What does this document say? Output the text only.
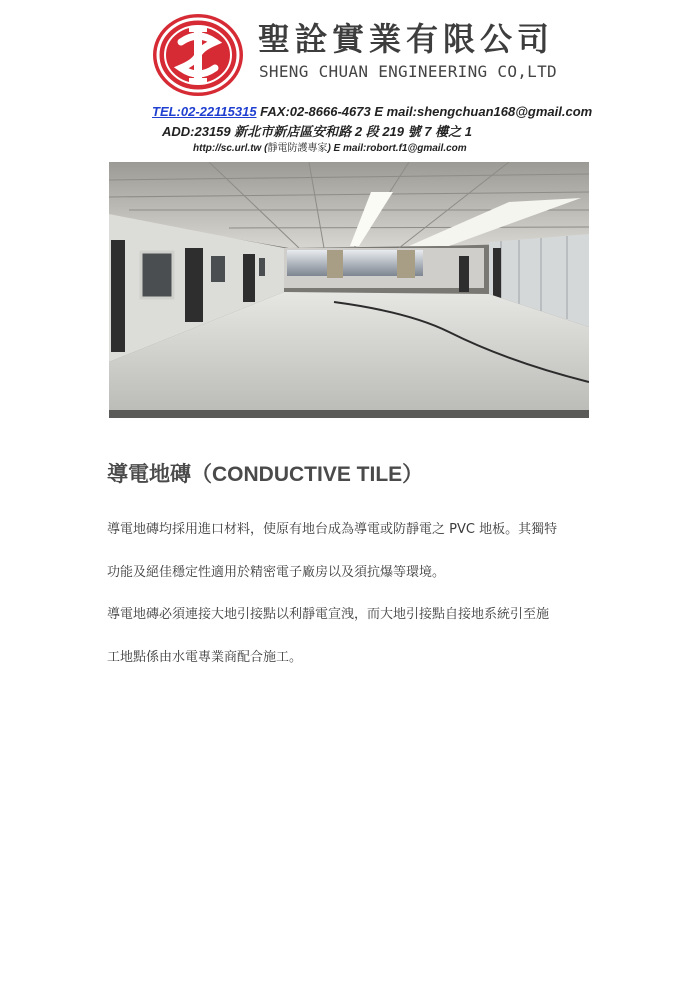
聖詮實業有限公司
SHENG CHUAN ENGINEERING CO,LTD
TEL:02-22115315 FAX:02-8666-4673 E mail:shengchuan168@gmail.com
ADD:23159 新北市新店區安和路 2 段 219 號 7 樓之 1
http://sc.url.tw (靜電防護專家) E mail:robort.f1@gmail.com
導電地磚（CONDUCTIVE TILE）
導電地磚均採用進口材料，使原有地台成為導電或防靜電之 PVC 地板。其獨特
功能及絕佳穩定性適用於精密電子廠房以及須抗爆等環境。
導電地磚必須連接大地引接點以利靜電宣洩，而大地引接點自接地系統引至施
工地點係由水電專業商配合施工。
